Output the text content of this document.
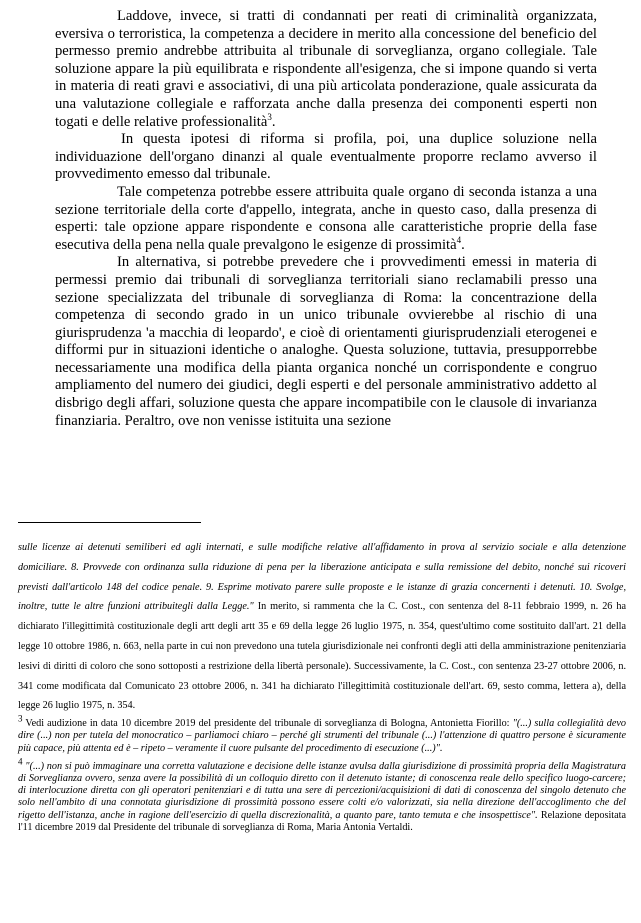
Laddove, invece, si tratti di condannati per reati di criminalità organizzata, eversiva o terroristica, la competenza a decidere in merito alla concessione del beneficio del permesso premio andrebbe attribuita al tribunale di sorveglianza, organo collegiale. Tale soluzione appare la più equilibrata e rispondente all'esigenza, che si impone quando si verta in materia di reati gravi e associativi, di una più articolata ponderazione, quale assicurata da una valutazione collegiale e rafforzata anche dalla presenza dei componenti esperti non togati e delle relative professionalità$^3$.

In questa ipotesi di riforma si profila, poi, una duplice soluzione nella individuazione dell'organo dinanzi al quale eventualmente proporre reclamo avverso il provvedimento emesso dal tribunale.

Tale competenza potrebbe essere attribuita quale organo di seconda istanza a una sezione territoriale della corte d'appello, integrata, anche in questo caso, dalla presenza di esperti: tale opzione appare rispondente e consona alle caratteristiche proprie della fase esecutiva della pena nella quale prevalgono le esigenze di prossimità$^4$.

In alternativa, si potrebbe prevedere che i provvedimenti emessi in materia di permessi premio dai tribunali di sorveglianza territoriali siano reclamabili presso una sezione specializzata del tribunale di sorveglianza di Roma: la concentrazione della competenza di secondo grado in un unico tribunale ovvierebbe al rischio di una giurisprudenza 'a macchia di leopardo', e cioè di orientamenti giurisprudenziali eterogenei e difformi pur in situazioni identiche o analoghe. Questa soluzione, tuttavia, presupporrebbe necessariamente una modifica della pianta organica nonché un corrispondente e congruo ampliamento del numero dei giudici, degli esperti e del personale amministrativo addetto al disbrigo degli affari, soluzione questa che appare incompatibile con le clausole di invarianza finanziaria. Peraltro, ove non venisse istituita una sezione

sulle licenze ai detenuti semiliberi ed agli internati, e sulle modifiche relative all'affidamento in prova al servizio sociale e alla detenzione domiciliare. 8. Provvede con ordinanza sulla riduzione di pena per la liberazione anticipata e sulla remissione del debito, nonché sui ricoveri previsti dall'articolo 148 del codice penale. 9. Esprime motivato parere sulle proposte e le istanze di grazia concernenti i detenuti. 10. Svolge, inoltre, tutte le altre funzioni attribuitegli dalla Legge." In merito, si rammenta che la C. Cost., con sentenza del 8-11 febbraio 1999, n. 26 ha dichiarato l'illegittimità costituzionale degli artt degli artt 35 e 69 della legge 26 luglio 1975, n. 354, quest'ultimo come sostituito dall'art. 21 della legge 10 ottobre 1986, n. 663, nella parte in cui non prevedono una tutela giurisdizionale nei confronti degli atti della amministrazione penitenziaria lesivi di diritti di coloro che sono sottoposti a restrizione della libertà personale). Successivamente, la C. Cost., con sentenza 23-27 ottobre 2006, n. 341 come modificata dal Comunicato 23 ottobre 2006, n. 341 ha dichiarato l'illegittimità costituzionale dell'art. 69, sesto comma, lettera a), della legge 26 luglio 1975, n. 354.

$^3$ Vedi audizione in data 10 dicembre 2019 del presidente del tribunale di sorveglianza di Bologna, Antonietta Fiorillo: "(...) sulla collegialità devo dire (...) non per tutela del monocratico – parliamoci chiaro – perché gli strumenti del tribunale (...) l'attenzione di quattro persone è sicuramente più capace, più attenta ed è – ripeto – veramente il cuore pulsante del procedimento di esecuzione (...)".

$^4$ "(...) non si può immaginare una corretta valutazione e decisione delle istanze avulsa dalla giurisdizione di prossimità propria della Magistratura di Sorveglianza ovvero, senza avere la possibilità di un colloquio diretto con il detenuto istante; di conoscenza reale dello specifico luogo-carcere; di interlocuzione diretta con gli operatori penitenziari e di tutta una sere di percezioni/acquisizioni di dati di conoscenza del singolo detenuto che solo nell'ambito di una connotata giurisdizione di prossimità possono essere colti e/o valorizzati, sia nella direzione dell'accoglimento che del rigetto dell'istanza, anche in ragione dell'esercizio di quella discrezionalità, a quanto pare, tanto temuta e che insospettisce". Relazione depositata l'11 dicembre 2019 dal Presidente del tribunale di sorveglianza di Roma, Maria Antonia Vertaldi.
